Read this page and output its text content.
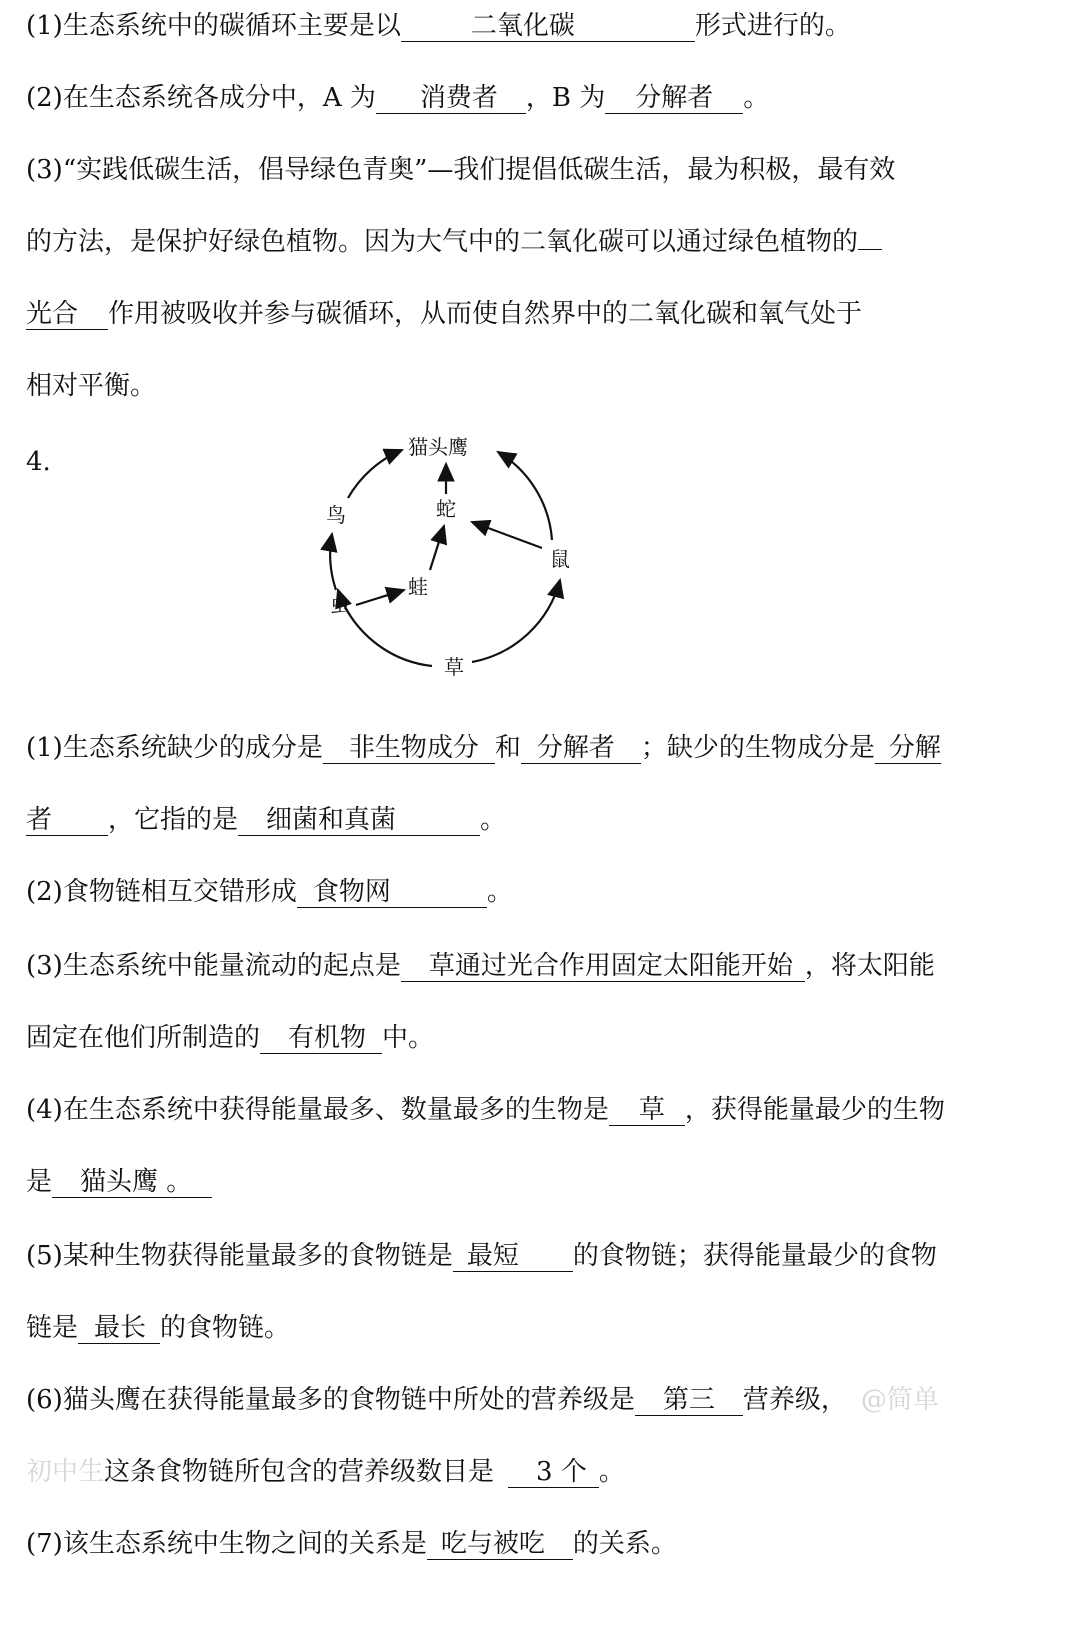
(1)生态系统中的碳循环主要是以	二氧化碳	形式进行的。
(2)在生态系统各成分中，A 为 消费者 ，B 为 分解者 。
(3)“实践低碳生活，倡导绿色青奥”—我们提倡低碳生活，最为积极，最有效
的方法，是保护好绿色植物。因为大气中的二氧化碳可以通过绿色植物的
光合 作用被吸收并参与碳循环，从而使自然界中的二氧化碳和氧气处于
相对平衡。
4.	猫头鹰
鸟	蛇
鼠
蛙
虫
草
(1)生态系统缺少的成分是 非生物成分 和 分解者 ；缺少的生物成分是 分解
者 ，它指的是 细菌和真菌	。
(2)食物链相互交错形成 食物网	。
(3)生态系统中能量流动的起点是 草通过光合作用固定太阳能开始 ，将太阳能
固定在他们所制造的 有机物 中。
(4)在生态系统中获得能量最多、数量最多的生物是 草 ，获得能量最少的生物
是 猫头鹰 。
(5)某种生物获得能量最多的食物链是 最短 的食物链；获得能量最少的食物
链是 最长 的食物链。
(6)猫头鹰在获得能量最多的食物链中所处的营养级是 第三 营养级， @简单
初中生这条食物链所包含的营养级数目是 3 个 。
(7)该生态系统中生物之间的关系是 吃与被吃 的关系。
